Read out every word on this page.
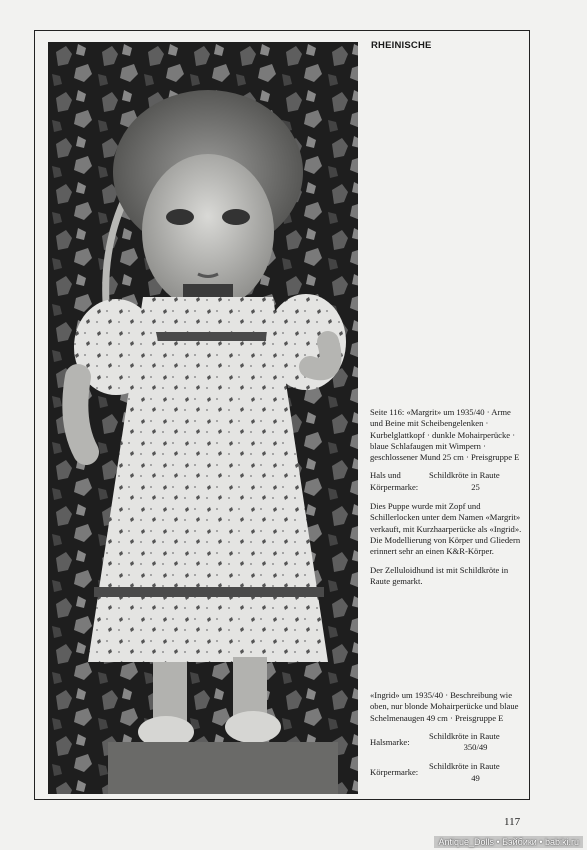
RHEINISCHE

Seite 116: «Margrit» um 1935/40 · Arme und Beine mit Scheibengelenken · Kurbelglattkopf · dunkle Mohairperücke · blaue Schlafaugen mit Wimpern · geschlossener Mund 25 cm · Preisgruppe E

Hals und	Schildkröte in Raute
Körpermarke:	25

Dies Puppe wurde mit Zopf und Schillerlocken unter dem Namen «Margrit» verkauft, mit Kurzhaarperücke als «Ingrid». Die Modellierung von Körper und Gliedern erinnert sehr an einen K&R-Körper.

Der Zelluloidhund ist mit Schildkröte in Raute gemarkt.

«Ingrid» um 1935/40 · Beschreibung wie oben, nur blonde Mohairperücke und blaue Schelmenaugen 49 cm · Preisgruppe E

Halsmarke:
Schildkröte in Raute
350/49
Körpermarke:
Schildkröte in Raute
49
117
Antique_Dolls • Бэйбики • babiki.ru
